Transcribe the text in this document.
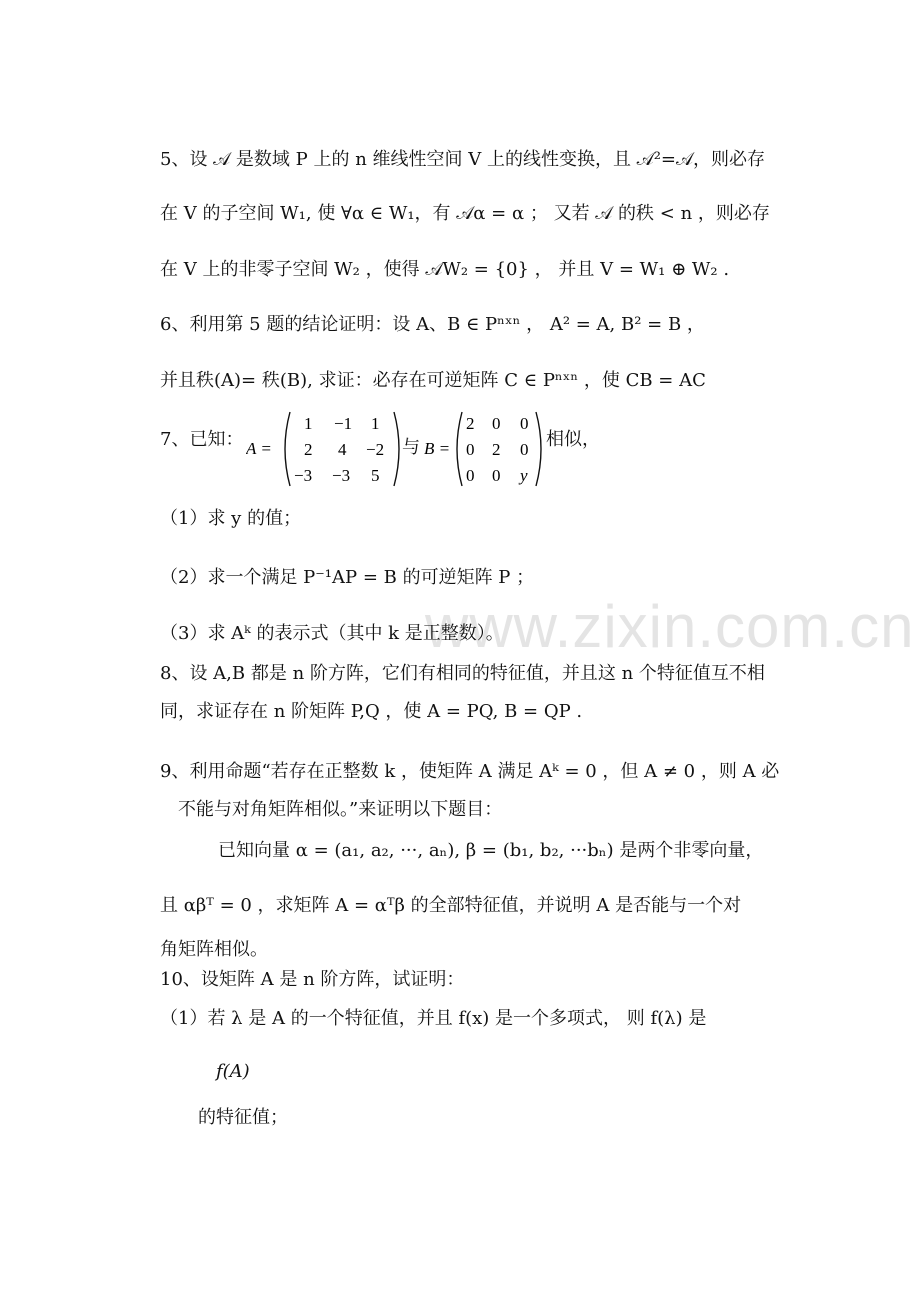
www.zixin.com.cn
5、设 𝒜 是数域 P 上的 n 维线性空间 V 上的线性变换，且 𝒜²=𝒜，则必存
在 V 的子空间 W₁, 使 ∀α ∈ W₁，有 𝒜α = α ； 又若 𝒜 的秩 < n ，则必存
在 V 上的非零子空间 W₂ ，使得 𝒜W₂ = {0} ， 并且 V = W₁ ⊕ W₂ .
6、利用第 5 题的结论证明：设 A、B ∈ Pⁿˣⁿ ， A² = A, B² = B ，
并且秩(A)= 秩(B), 求证：必存在可逆矩阵 C ∈ Pⁿˣⁿ ，使 CB = AC
7、已知： A =
1 −1 1
2 4 −2
−3 −3 5
与 B =
2 0 0
0 2 0
0 0 y
相似，
（1）求 y 的值；
（2）求一个满足 P⁻¹AP = B 的可逆矩阵 P ；
（3）求 Aᵏ 的表示式（其中 k 是正整数）。
8、设 A,B 都是 n 阶方阵，它们有相同的特征值，并且这 n 个特征值互不相
同，求证存在 n 阶矩阵 P,Q ，使 A = PQ, B = QP .
9、利用命题“若存在正整数 k ，使矩阵 A 满足 Aᵏ = 0 ，但 A ≠ 0 ，则 A 必
不能与对角矩阵相似。”来证明以下题目：
已知向量 α = (a₁, a₂, ···, aₙ), β = (b₁, b₂, ···bₙ) 是两个非零向量，
且 αβᵀ = 0 ，求矩阵 A = αᵀβ 的全部特征值，并说明 A 是否能与一个对
角矩阵相似。
10、设矩阵 A 是 n 阶方阵，试证明：
（1）若 λ 是 A 的一个特征值，并且 f(x) 是一个多项式， 则 f(λ) 是
f(A)
的特征值；
